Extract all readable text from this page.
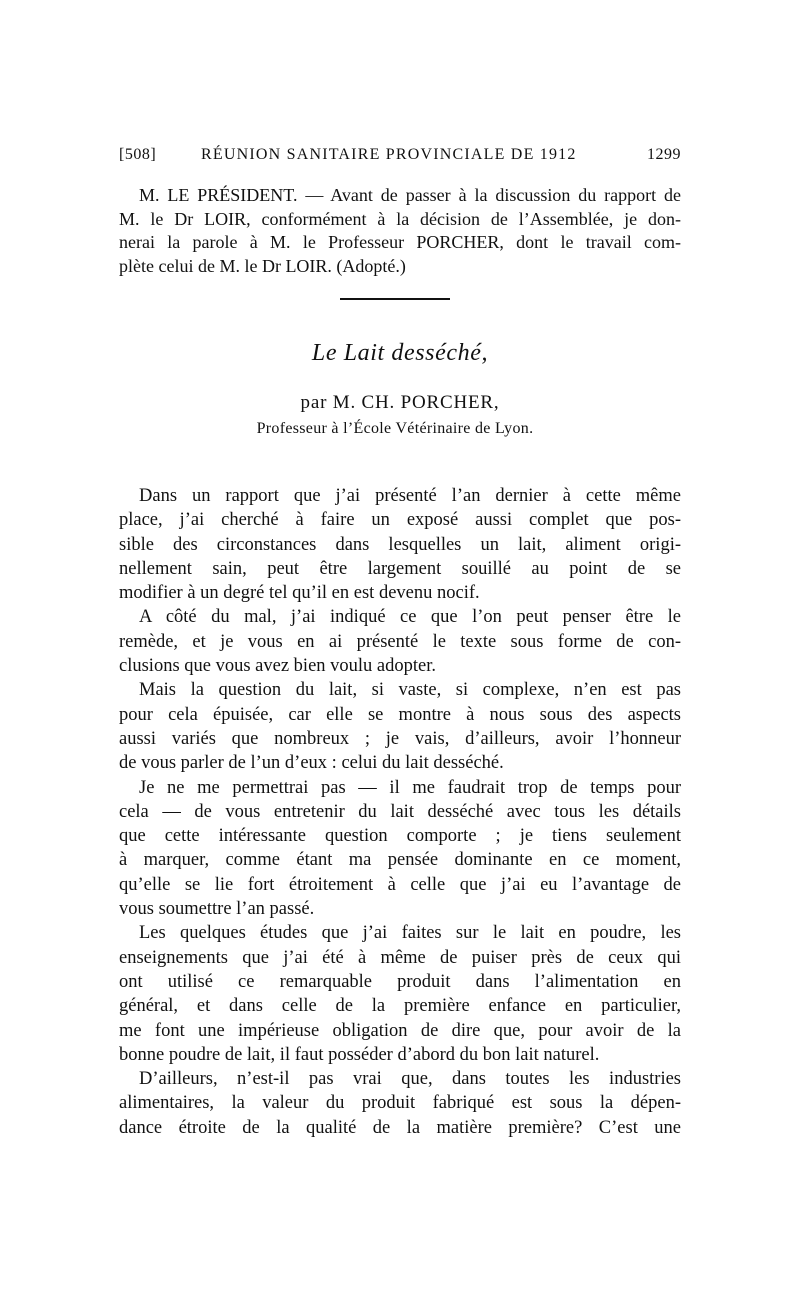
[508]	RÉUNION SANITAIRE PROVINCIALE DE 1912	1299
M. LE PRÉSIDENT. — Avant de passer à la discussion du rapport de
M. le Dr LOIR, conformément à la décision de l’Assemblée, je don-
nerai la parole à M. le Professeur PORCHER, dont le travail com-
plète celui de M. le Dr LOIR. (Adopté.)
Le Lait desséché,
par M. CH. PORCHER,
Professeur à l’École Vétérinaire de Lyon.
Dans un rapport que j’ai présenté l’an dernier à cette même
place, j’ai cherché à faire un exposé aussi complet que pos-
sible des circonstances dans lesquelles un lait, aliment origi-
nellement sain, peut être largement souillé au point de se
modifier à un degré tel qu’il en est devenu nocif.
A côté du mal, j’ai indiqué ce que l’on peut penser être le
remède, et je vous en ai présenté le texte sous forme de con-
clusions que vous avez bien voulu adopter.
Mais la question du lait, si vaste, si complexe, n’en est pas
pour cela épuisée, car elle se montre à nous sous des aspects
aussi variés que nombreux ; je vais, d’ailleurs, avoir l’honneur
de vous parler de l’un d’eux : celui du lait desséché.
Je ne me permettrai pas — il me faudrait trop de temps pour
cela — de vous entretenir du lait desséché avec tous les détails
que cette intéressante question comporte ; je tiens seulement
à marquer, comme étant ma pensée dominante en ce moment,
qu’elle se lie fort étroitement à celle que j’ai eu l’avantage de
vous soumettre l’an passé.
Les quelques études que j’ai faites sur le lait en poudre, les
enseignements que j’ai été à même de puiser près de ceux qui
ont utilisé ce remarquable produit dans l’alimentation en
général, et dans celle de la première enfance en particulier,
me font une impérieuse obligation de dire que, pour avoir de la
bonne poudre de lait, il faut posséder d’abord du bon lait naturel.
D’ailleurs, n’est-il pas vrai que, dans toutes les industries
alimentaires, la valeur du produit fabriqué est sous la dépen-
dance étroite de la qualité de la matière première? C’est une
